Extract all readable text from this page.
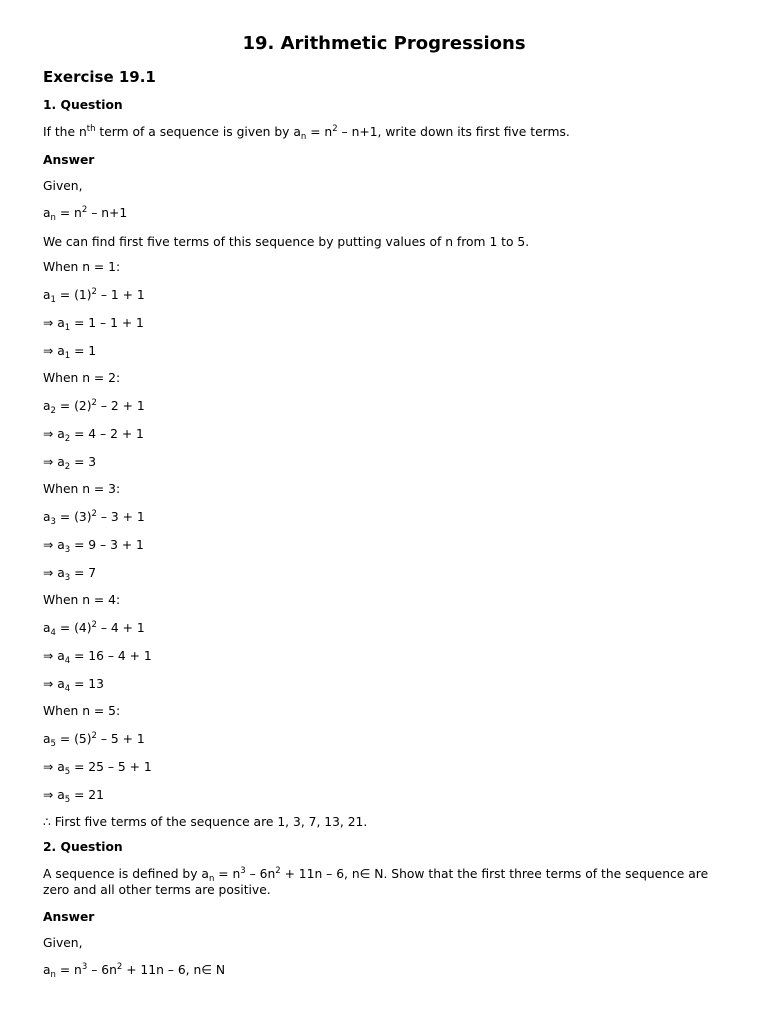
19. Arithmetic Progressions
Exercise 19.1
1. Question
If the $n^{th}$ term of a sequence is given by $a_n = n^2 - n+1$, write down its first five terms.
Answer
Given,
$a_n = n^2 - n+1$
We can find first five terms of this sequence by putting values of n from 1 to 5.
When n = 1:
$a_1 = (1)^2 - 1 + 1$
⇒ $a_1 = 1 - 1 + 1$
⇒ $a_1 = 1$
When n = 2:
$a_2 = (2)^2 - 2 + 1$
⇒ $a_2 = 4 - 2 + 1$
⇒ $a_2 = 3$
When n = 3:
$a_3 = (3)^2 - 3 + 1$
⇒ $a_3 = 9 - 3 + 1$
⇒ $a_3 = 7$
When n = 4:
$a_4 = (4)^2 - 4 + 1$
⇒ $a_4 = 16 - 4 + 1$
⇒ $a_4 = 13$
When n = 5:
$a_5 = (5)^2 - 5 + 1$
⇒ $a_5 = 25 - 5 + 1$
⇒ $a_5 = 21$
∴ First five terms of the sequence are 1, 3, 7, 13, 21.
2. Question
A sequence is defined by $a_n = n^3 - 6n^2 + 11n - 6$, n∈ N. Show that the first three terms of the sequence are zero and all other terms are positive.
Answer
Given,
$a_n = n^3 - 6n^2 + 11n - 6$, n∈ N
